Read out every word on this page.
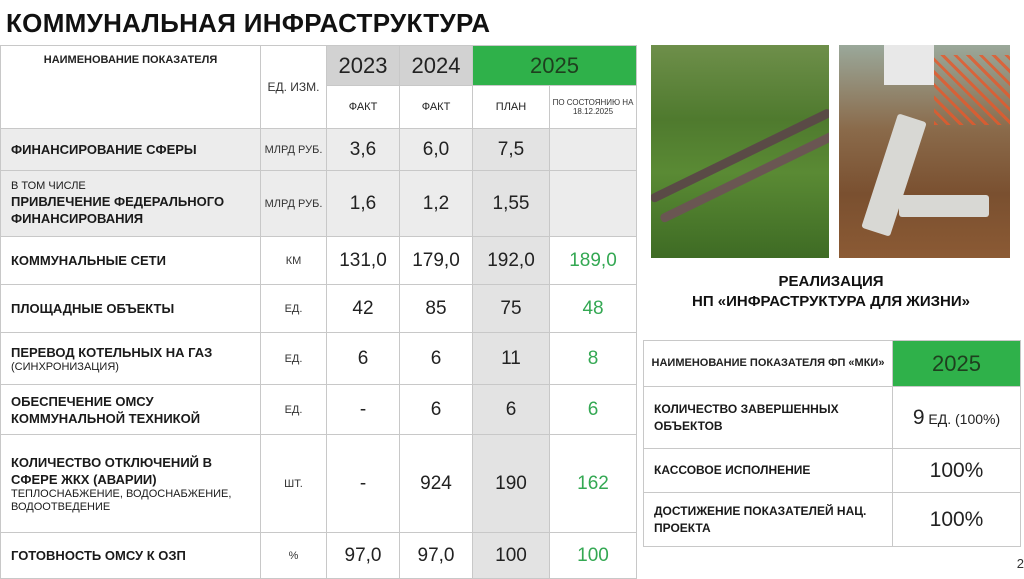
КОММУНАЛЬНАЯ ИНФРАСТРУКТУРА
НАИМЕНОВАНИЕ ПОКАЗАТЕЛЯ	ЕД. ИЗМ.	2023	2024	2025	
		ФАКТ	ФАКТ	ПЛАН	ПО СОСТОЯНИЮ НА 18.12.2025
ФИНАНСИРОВАНИЕ СФЕРЫ	МЛРД РУБ.	3,6	6,0	7,5	

В ТОМ ЧИСЛЕ
ПРИВЛЕЧЕНИЕ ФЕДЕРАЛЬНОГО ФИНАНСИРОВАНИЯ	МЛРД РУБ.	1,6	1,2	1,55	
КОММУНАЛЬНЫЕ СЕТИ	КМ	131,0	179,0	192,0	189,0
ПЛОЩАДНЫЕ ОБЪЕКТЫ	ЕД.	42	85	75	48
ПЕРЕВОД КОТЕЛЬНЫХ НА ГАЗ
(СИНХРОНИЗАЦИЯ)	ЕД.	6	6	11	8
ОБЕСПЕЧЕНИЕ ОМСУ КОММУНАЛЬНОЙ ТЕХНИКОЙ	ЕД.	-	6	6	6
КОЛИЧЕСТВО ОТКЛЮЧЕНИЙ В СФЕРЕ ЖКХ (АВАРИИ)
ТЕПЛОСНАБЖЕНИЕ, ВОДОСНАБЖЕНИЕ, ВОДООТВЕДЕНИЕ	ШТ.	-	924	190	162
ГОТОВНОСТЬ ОМСУ К ОЗП	%	97,0	97,0	100	100
РЕАЛИЗАЦИЯ
НП «ИНФРАСТРУКТУРА ДЛЯ ЖИЗНИ»
НАИМЕНОВАНИЕ ПОКАЗАТЕЛЯ ФП «МКИ»	2025
КОЛИЧЕСТВО ЗАВЕРШЕННЫХ ОБЪЕКТОВ	9 ЕД. (100%)
КАССОВОЕ ИСПОЛНЕНИЕ	100%
ДОСТИЖЕНИЕ ПОКАЗАТЕЛЕЙ НАЦ. ПРОЕКТА	100%
2
